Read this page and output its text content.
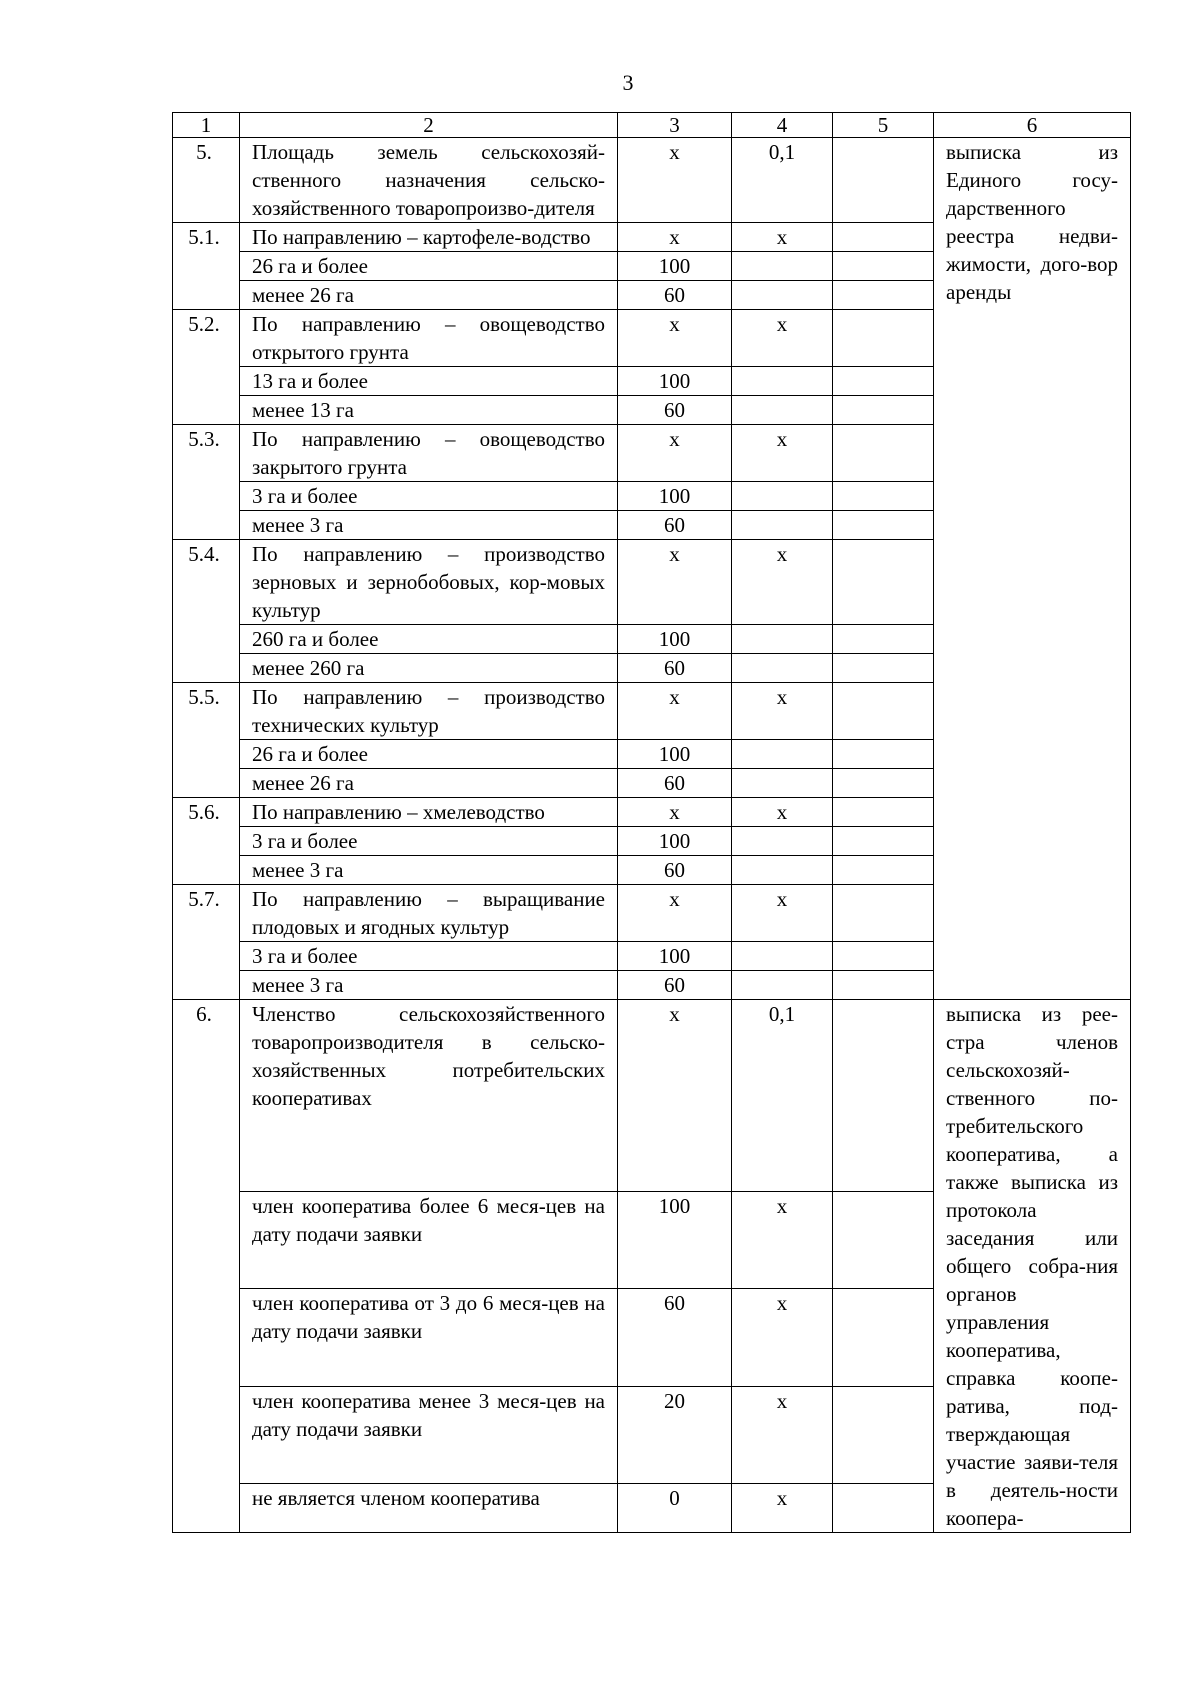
3
1	2	3	4	5	6
5.	Площадь земель сельскохозяй-ственного назначения сельско-хозяйственного товаропроизво-дителя	х	0,1		выписка из Единого госу-дарственного реестра недви-жимости, дого-вор аренды
5.1.	По направлению – картофеле-водство	х	х		
	26 га и более	100			
	менее 26 га	60			
5.2.	По направлению – овощеводство открытого грунта	х	х		
	13 га и более	100			
	менее 13 га	60			
5.3.	По направлению – овощеводство закрытого грунта	х	х		
	3 га и более	100			
	менее 3 га	60			
5.4.	По направлению – производство зерновых и зернобобовых, кор-мовых культур	х	х		
	260 га и более	100			
	менее 260 га	60			
5.5.	По направлению – производство технических культур	х	х		
	26 га и более	100			
	менее 26 га	60			
5.6.	По направлению – хмелеводство	х	х		
	3 га и более	100			
	менее 3 га	60			
5.7.	По направлению – выращивание плодовых и ягодных культур	х	х		
	3 га и более	100			
	менее 3 га	60			
6.	Членство сельскохозяйственного товаропроизводителя в сельско-хозяйственных потребительских кооперативах	х	0,1		выписка из рее-стра членов сельскохозяй-ственного по-требительского кооператива, а также выписка из протокола заседания или общего собра-ния органов управления кооператива, справка коопе-ратива, под-тверждающая участие заяви-теля в деятель-ности коопера-
	член кооператива более 6 меся-цев на дату подачи заявки	100	х		
	член кооператива от 3 до 6 меся-цев на дату подачи заявки	60	х		
	член кооператива менее 3 меся-цев на дату подачи заявки	20	х		
	не является членом кооператива	0	х		
